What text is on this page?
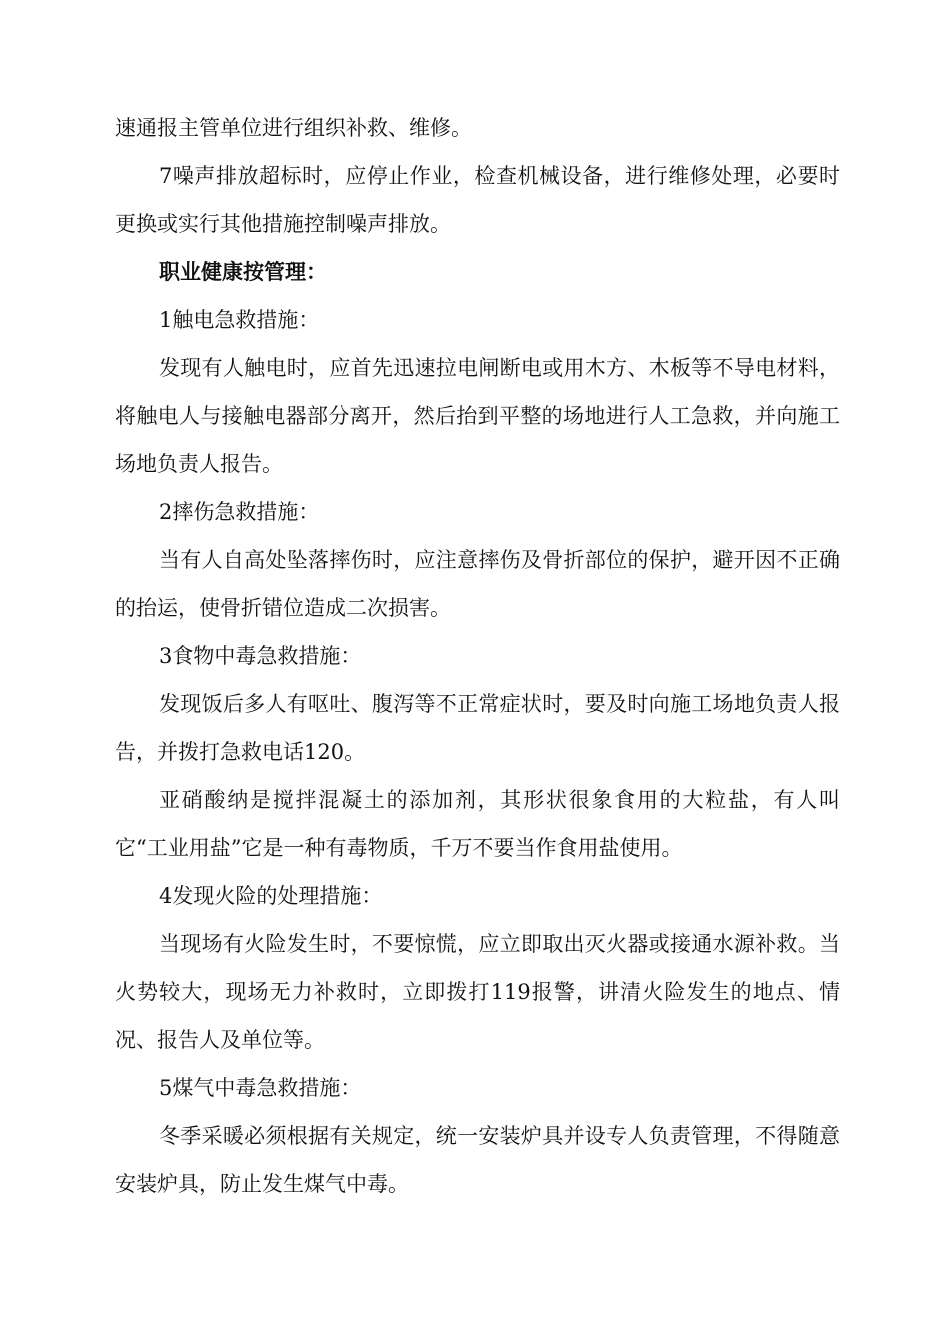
速通报主管单位进行组织补救、维修。

7噪声排放超标时，应停止作业，检查机械设备，进行维修处理，必要时更换或实行其他措施控制噪声排放。

职业健康按管理：

1触电急救措施：

发现有人触电时，应首先迅速拉电闸断电或用木方、木板等不导电材料，将触电人与接触电器部分离开，然后抬到平整的场地进行人工急救，并向施工场地负责人报告。

2摔伤急救措施：

当有人自高处坠落摔伤时，应注意摔伤及骨折部位的保护，避开因不正确的抬运，使骨折错位造成二次损害。

3食物中毒急救措施：

发现饭后多人有呕吐、腹泻等不正常症状时，要及时向施工场地负责人报告，并拨打急救电话120。

亚硝酸纳是搅拌混凝土的添加剂，其形状很象食用的大粒盐，有人叫它“工业用盐”它是一种有毒物质，千万不要当作食用盐使用。

4发现火险的处理措施：

当现场有火险发生时，不要惊慌，应立即取出灭火器或接通水源补救。当火势较大，现场无力补救时，立即拨打119报警，讲清火险发生的地点、情况、报告人及单位等。

5煤气中毒急救措施：

冬季采暖必须根据有关规定，统一安装炉具并设专人负责管理，不得随意安装炉具，防止发生煤气中毒。
